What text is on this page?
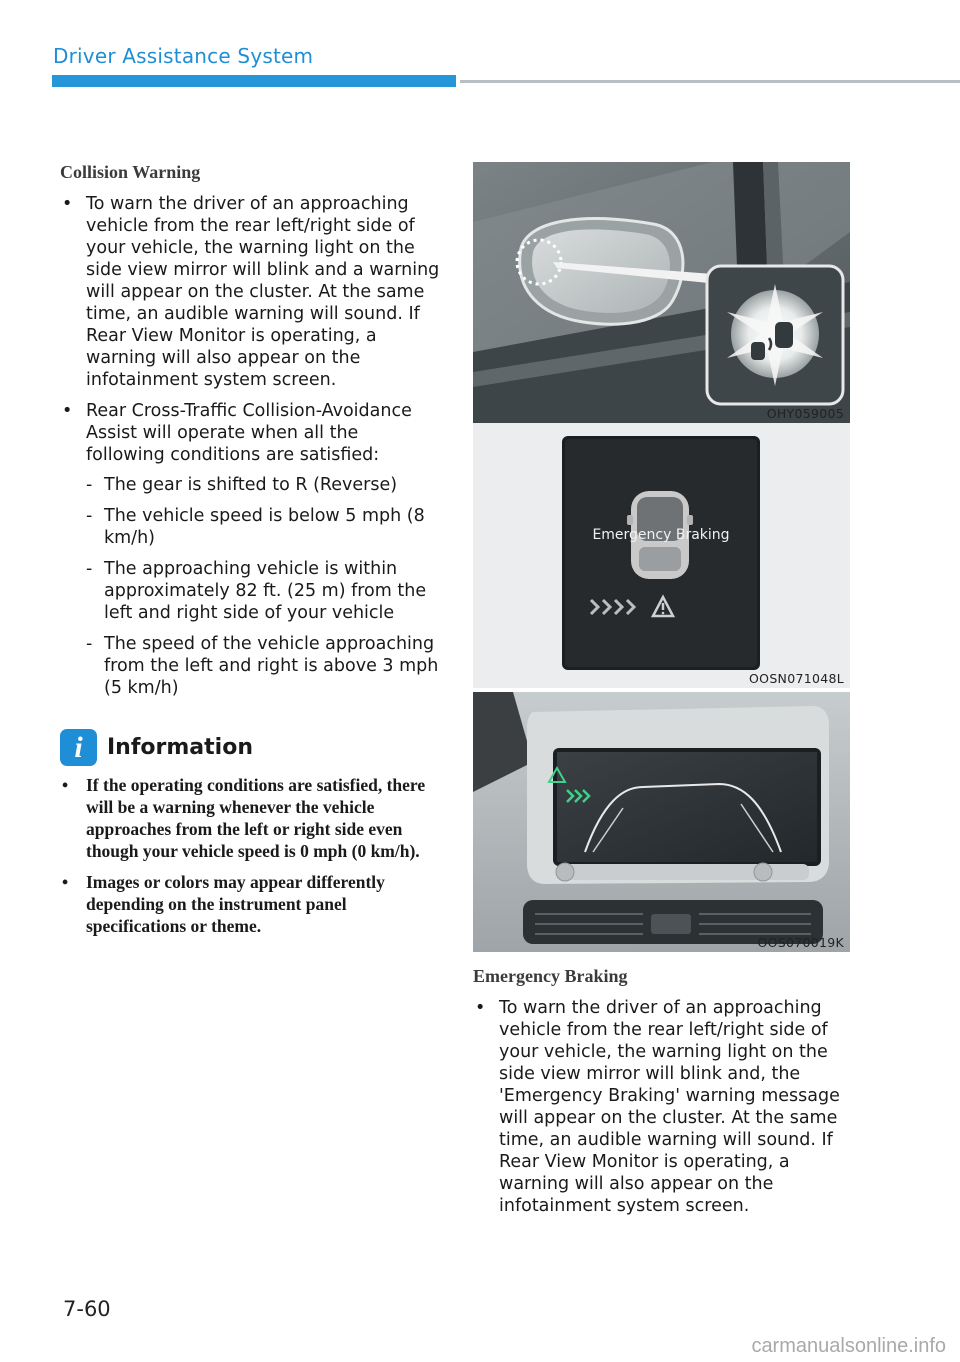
Driver Assistance System
Collision Warning
• To warn the driver of an approaching vehicle from the rear left/right side of your vehicle, the warning light on the side view mirror will blink and a warning will appear on the cluster. At the same time, an audible warning will sound. If Rear View Monitor is operating, a warning will also appear on the infotainment system screen.
• Rear Cross-Traffic Collision-Avoidance Assist will operate when all the following conditions are satisfied:
- The gear is shifted to R (Reverse)
- The vehicle speed is below 5 mph (8 km/h)
- The approaching vehicle is within approximately 82 ft. (25 m) from the left and right side of your vehicle
- The speed of the vehicle approaching from the left and right is above 3 mph (5 km/h)
i	Information
• If the operating conditions are satisfied, there will be a warning whenever the vehicle approaches from the left or right side even though your vehicle speed is 0 mph (0 km/h).
• Images or colors may appear differently depending on the instrument panel specifications or theme.
OHY059005
Emergency Braking
OOSN071048L
OOS070019K
Emergency Braking
• To warn the driver of an approaching vehicle from the rear left/right side of your vehicle, the warning light on the side view mirror will blink and, the 'Emergency Braking' warning message will appear on the cluster. At the same time, an audible warning will sound. If Rear View Monitor is operating, a warning will also appear on the infotainment system screen.
7-60
carmanualsonline.info
